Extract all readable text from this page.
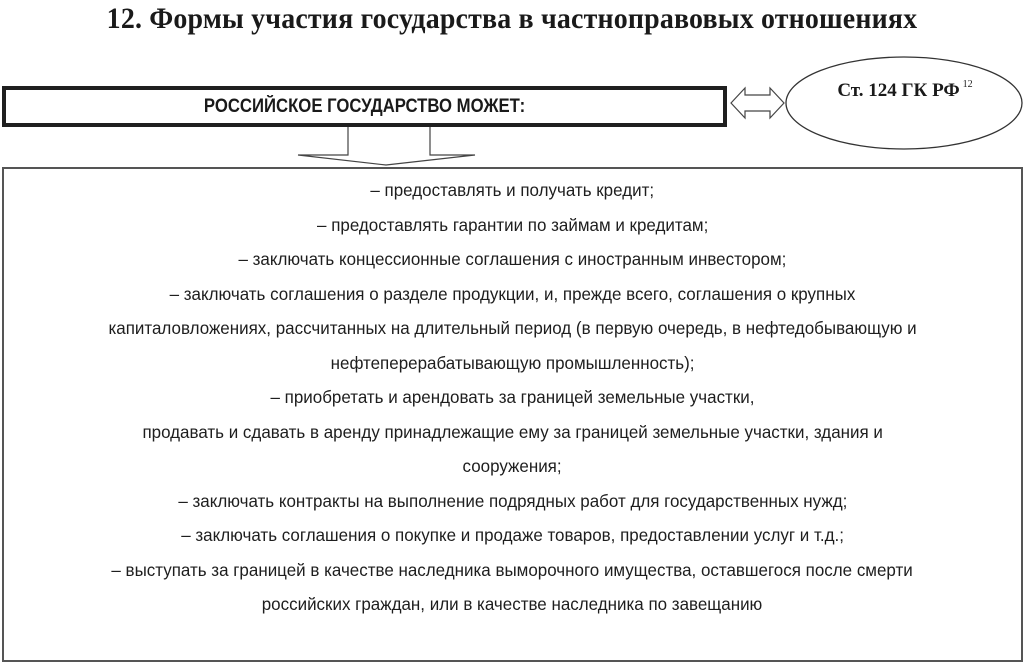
12. Формы участия государства в частноправовых отношениях
РОССИЙСКОЕ ГОСУДАРСТВО МОЖЕТ:
Ст. 124 ГК РФ $^{12}$
– предоставлять и получать кредит;
– предоставлять гарантии по займам и кредитам;
– заключать концессионные соглашения с иностранным инвестором;
– заключать соглашения о разделе продукции, и, прежде всего, соглашения о крупных
капиталовложениях, рассчитанных на длительный период (в первую очередь, в нефтедобывающую и
нефтеперерабатывающую промышленность);
– приобретать и арендовать за границей земельные участки,
продавать и сдавать в аренду принадлежащие ему за границей земельные участки, здания и
сооружения;
– заключать контракты на выполнение подрядных работ для государственных нужд;
– заключать соглашения о покупке и продаже товаров, предоставлении услуг и т.д.;
– выступать за границей в качестве наследника выморочного имущества, оставшегося после смерти
российских граждан, или в качестве наследника по завещанию
